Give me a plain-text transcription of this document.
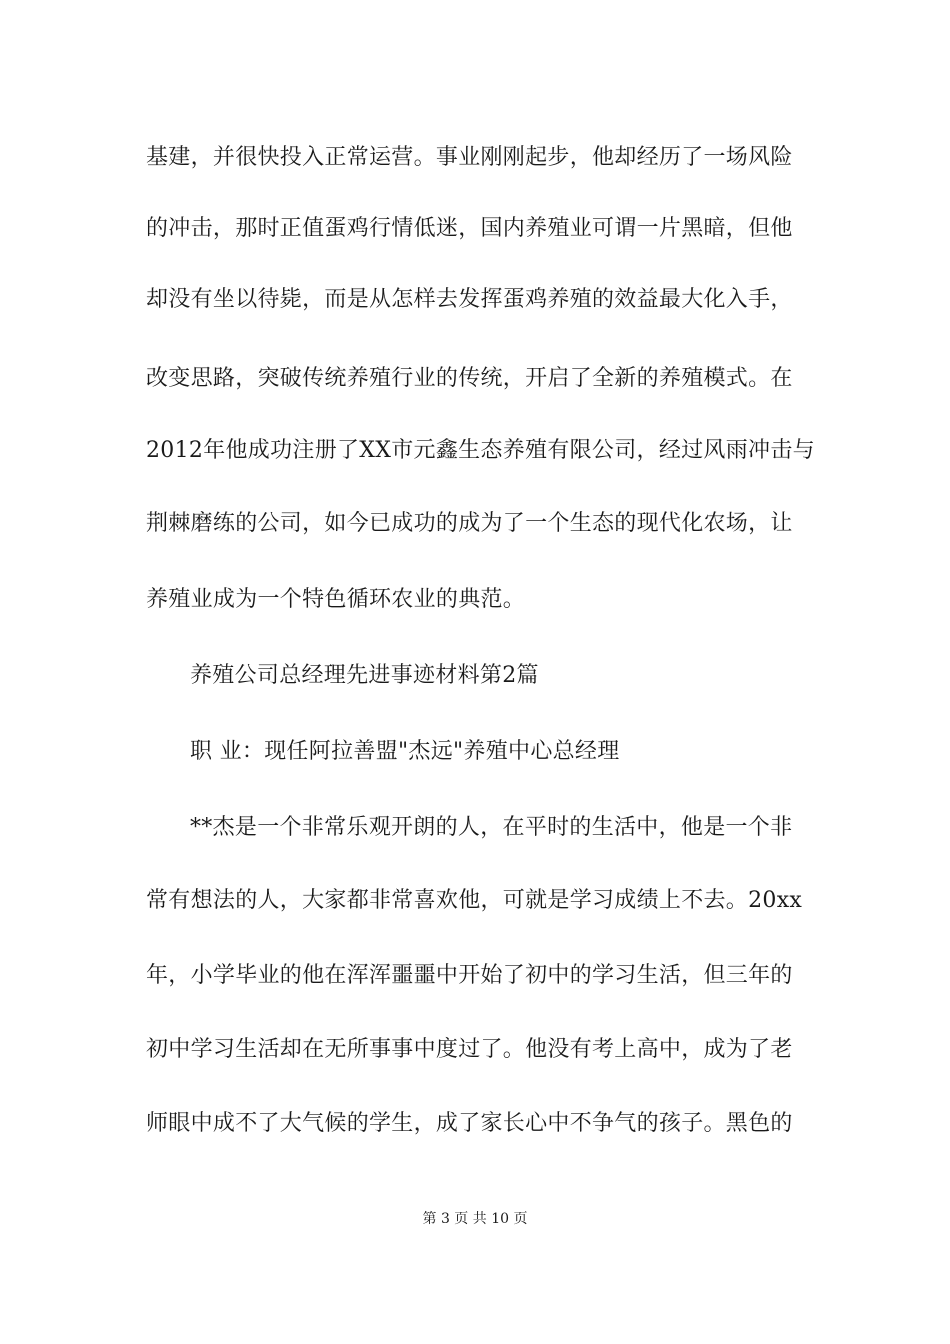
基建，并很快投入正常运营。事业刚刚起步，他却经历了一场风险
的冲击，那时正值蛋鸡行情低迷，国内养殖业可谓一片黑暗，但他
却没有坐以待毙，而是从怎样去发挥蛋鸡养殖的效益最大化入手，
改变思路，突破传统养殖行业的传统，开启了全新的养殖模式。在
2012年他成功注册了XX市元鑫生态养殖有限公司，经过风雨冲击与
荆棘磨练的公司，如今已成功的成为了一个生态的现代化农场，让
养殖业成为一个特色循环农业的典范。
养殖公司总经理先进事迹材料第2篇
职 业：现任阿拉善盟"杰远"养殖中心总经理
**杰是一个非常乐观开朗的人，在平时的生活中，他是一个非
常有想法的人，大家都非常喜欢他，可就是学习成绩上不去。20xx
年，小学毕业的他在浑浑噩噩中开始了初中的学习生活，但三年的
初中学习生活却在无所事事中度过了。他没有考上高中，成为了老
师眼中成不了大气候的学生，成了家长心中不争气的孩子。黑色的
第 3 页 共 10 页
